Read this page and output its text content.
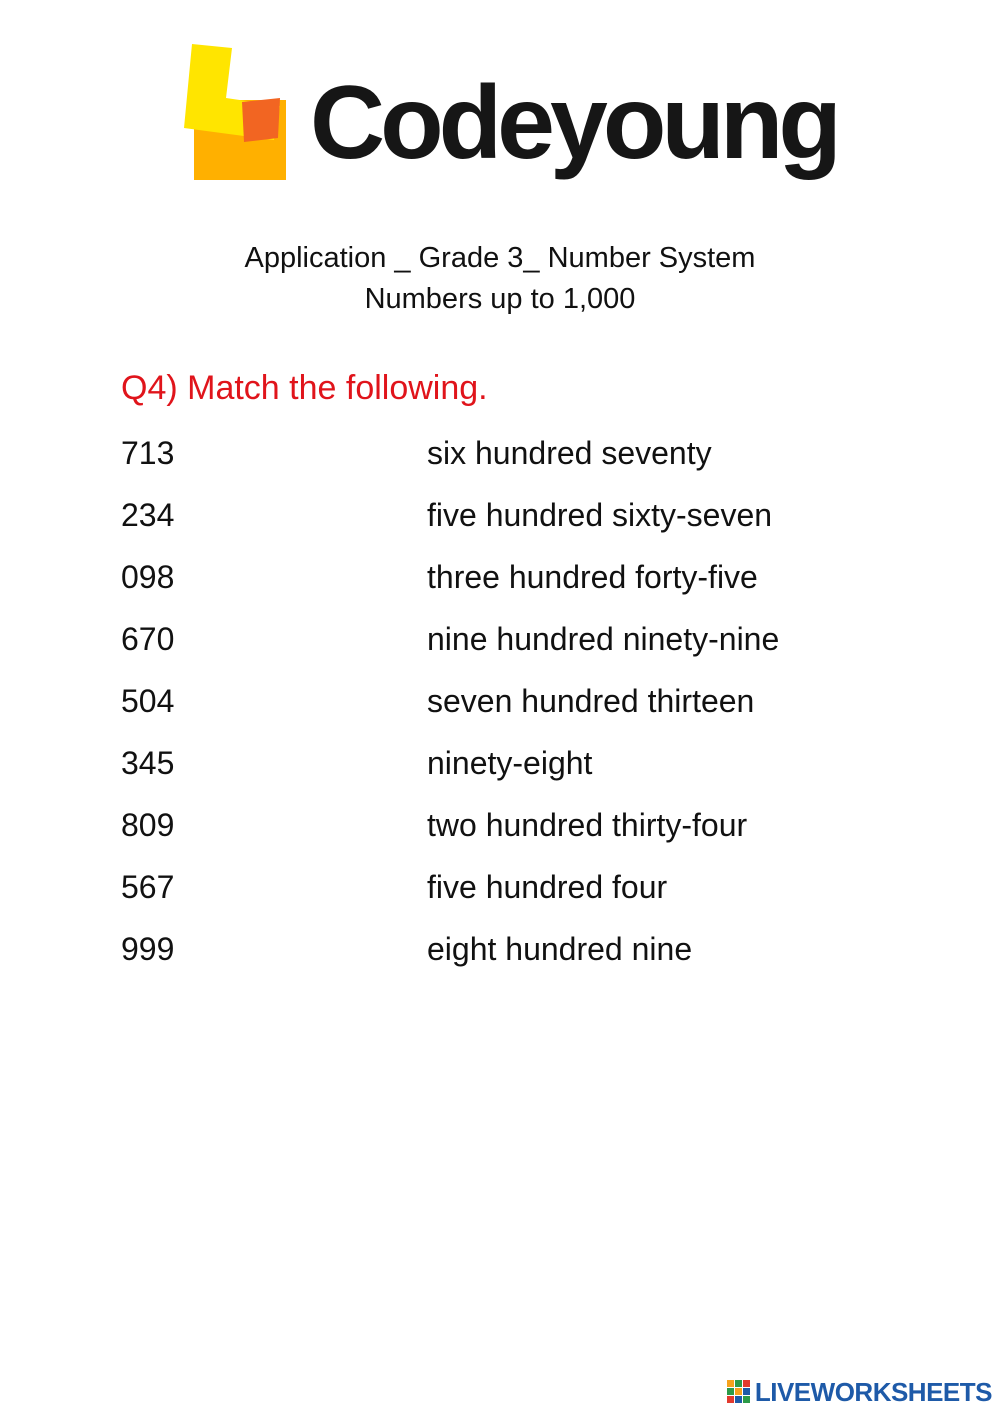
Codeyoung
Application _ Grade 3_ Number System
Numbers up to 1,000
Q4) Match the following.
713	six hundred seventy
234	five hundred sixty-seven
098	three hundred forty-five
670	nine hundred ninety-nine
504	seven hundred thirteen
345	ninety-eight
809	two hundred thirty-four
567	five hundred four
999	eight hundred nine
LIVEWORKSHEETS
